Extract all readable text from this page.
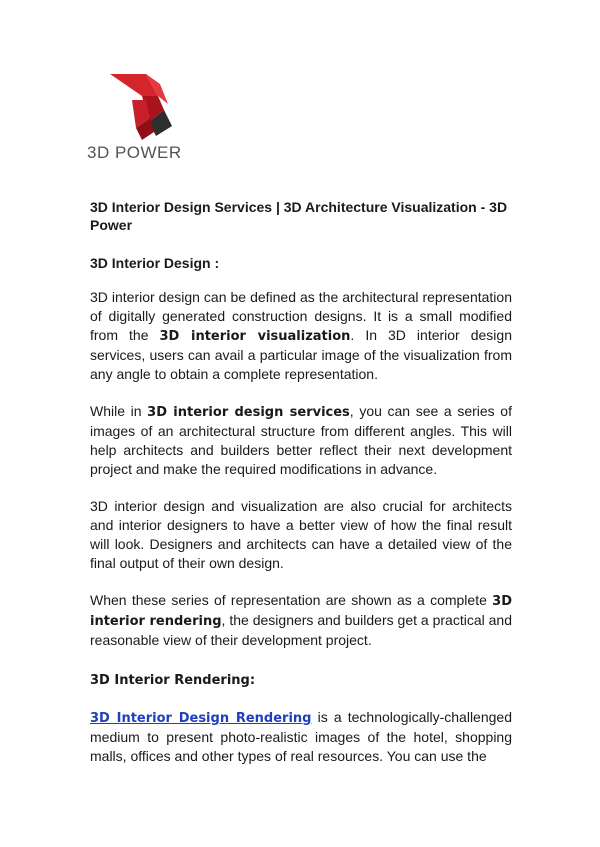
3D POWER
3D Interior Design Services | 3D Architecture Visualization - 3D Power
3D Interior Design :

3D interior design can be defined as the architectural representation of digitally generated construction designs. It is a small modified from the 3D interior visualization. In 3D interior design services, users can avail a particular image of the visualization from any angle to obtain a complete representation.

While in 3D interior design services, you can see a series of images of an architectural structure from different angles. This will help architects and builders better reflect their next development project and make the required modifications in advance.

3D interior design and visualization are also crucial for architects and interior designers to have a better view of how the final result will look. Designers and architects can have a detailed view of the final output of their own design.

When these series of representation are shown as a complete 3D interior rendering, the designers and builders get a practical and reasonable view of their development project.

3D Interior Rendering:

3D Interior Design Rendering is a technologically-challenged medium to present photo-realistic images of the hotel, shopping malls, offices and other types of real resources. You can use the
